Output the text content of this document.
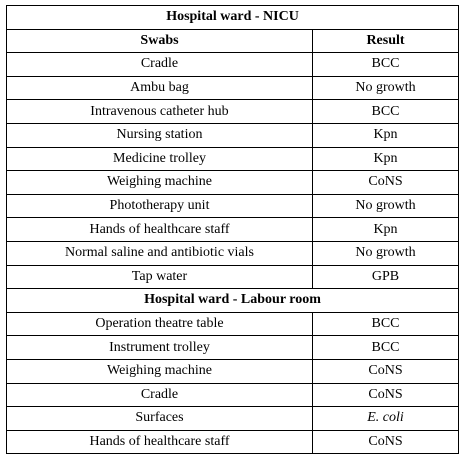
Hospital ward - NICU	
Swabs	Result
Cradle	BCC
Ambu bag	No growth
Intravenous catheter hub	BCC
Nursing station	Kpn
Medicine trolley	Kpn
Weighing machine	CoNS
Phototherapy unit	No growth
Hands of healthcare staff	Kpn
Normal saline and antibiotic vials	No growth
Tap water	GPB
Hospital ward - Labour room	
Operation theatre table	BCC
Instrument trolley	BCC
Weighing machine	CoNS
Cradle	CoNS
Surfaces	E. coli
Hands of healthcare staff	CoNS
